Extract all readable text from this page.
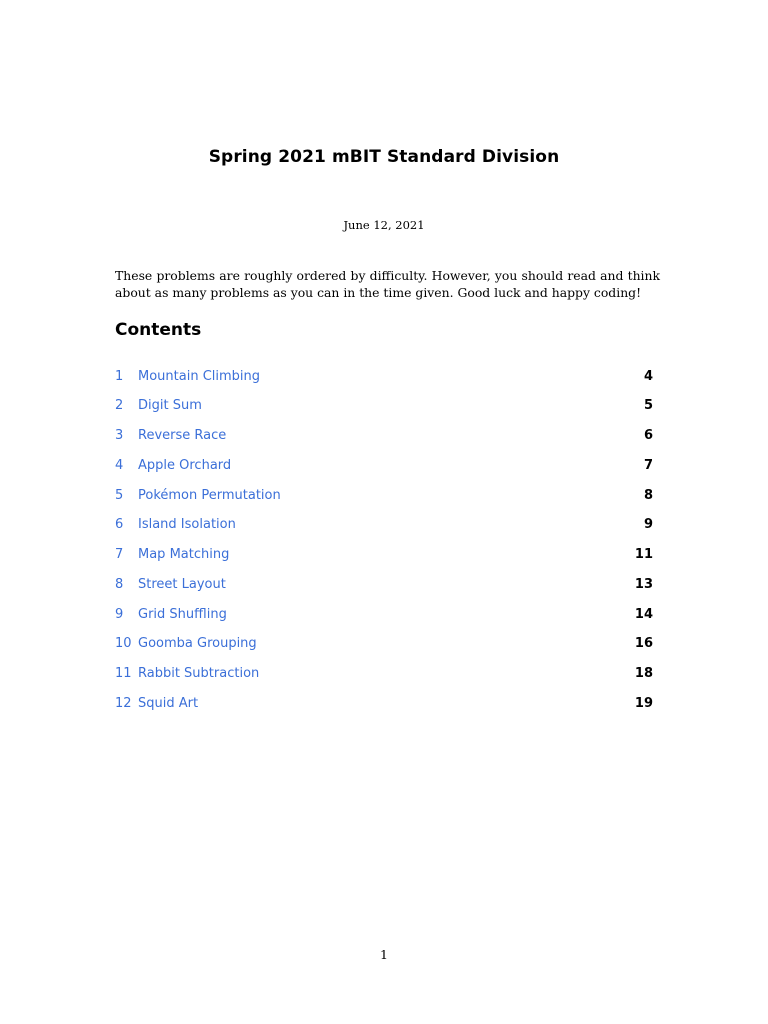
Spring 2021 mBIT Standard Division
June 12, 2021
These problems are roughly ordered by difficulty. However, you should read and think about as many problems as you can in the time given. Good luck and happy coding!
Contents
1 Mountain Climbing	4
2 Digit Sum	5
3 Reverse Race	6
4 Apple Orchard	7
5 Pokémon Permutation	8
6 Island Isolation	9
7 Map Matching	11
8 Street Layout	13
9 Grid Shuffling	14
10 Goomba Grouping	16
11 Rabbit Subtraction	18
12 Squid Art	19
1
